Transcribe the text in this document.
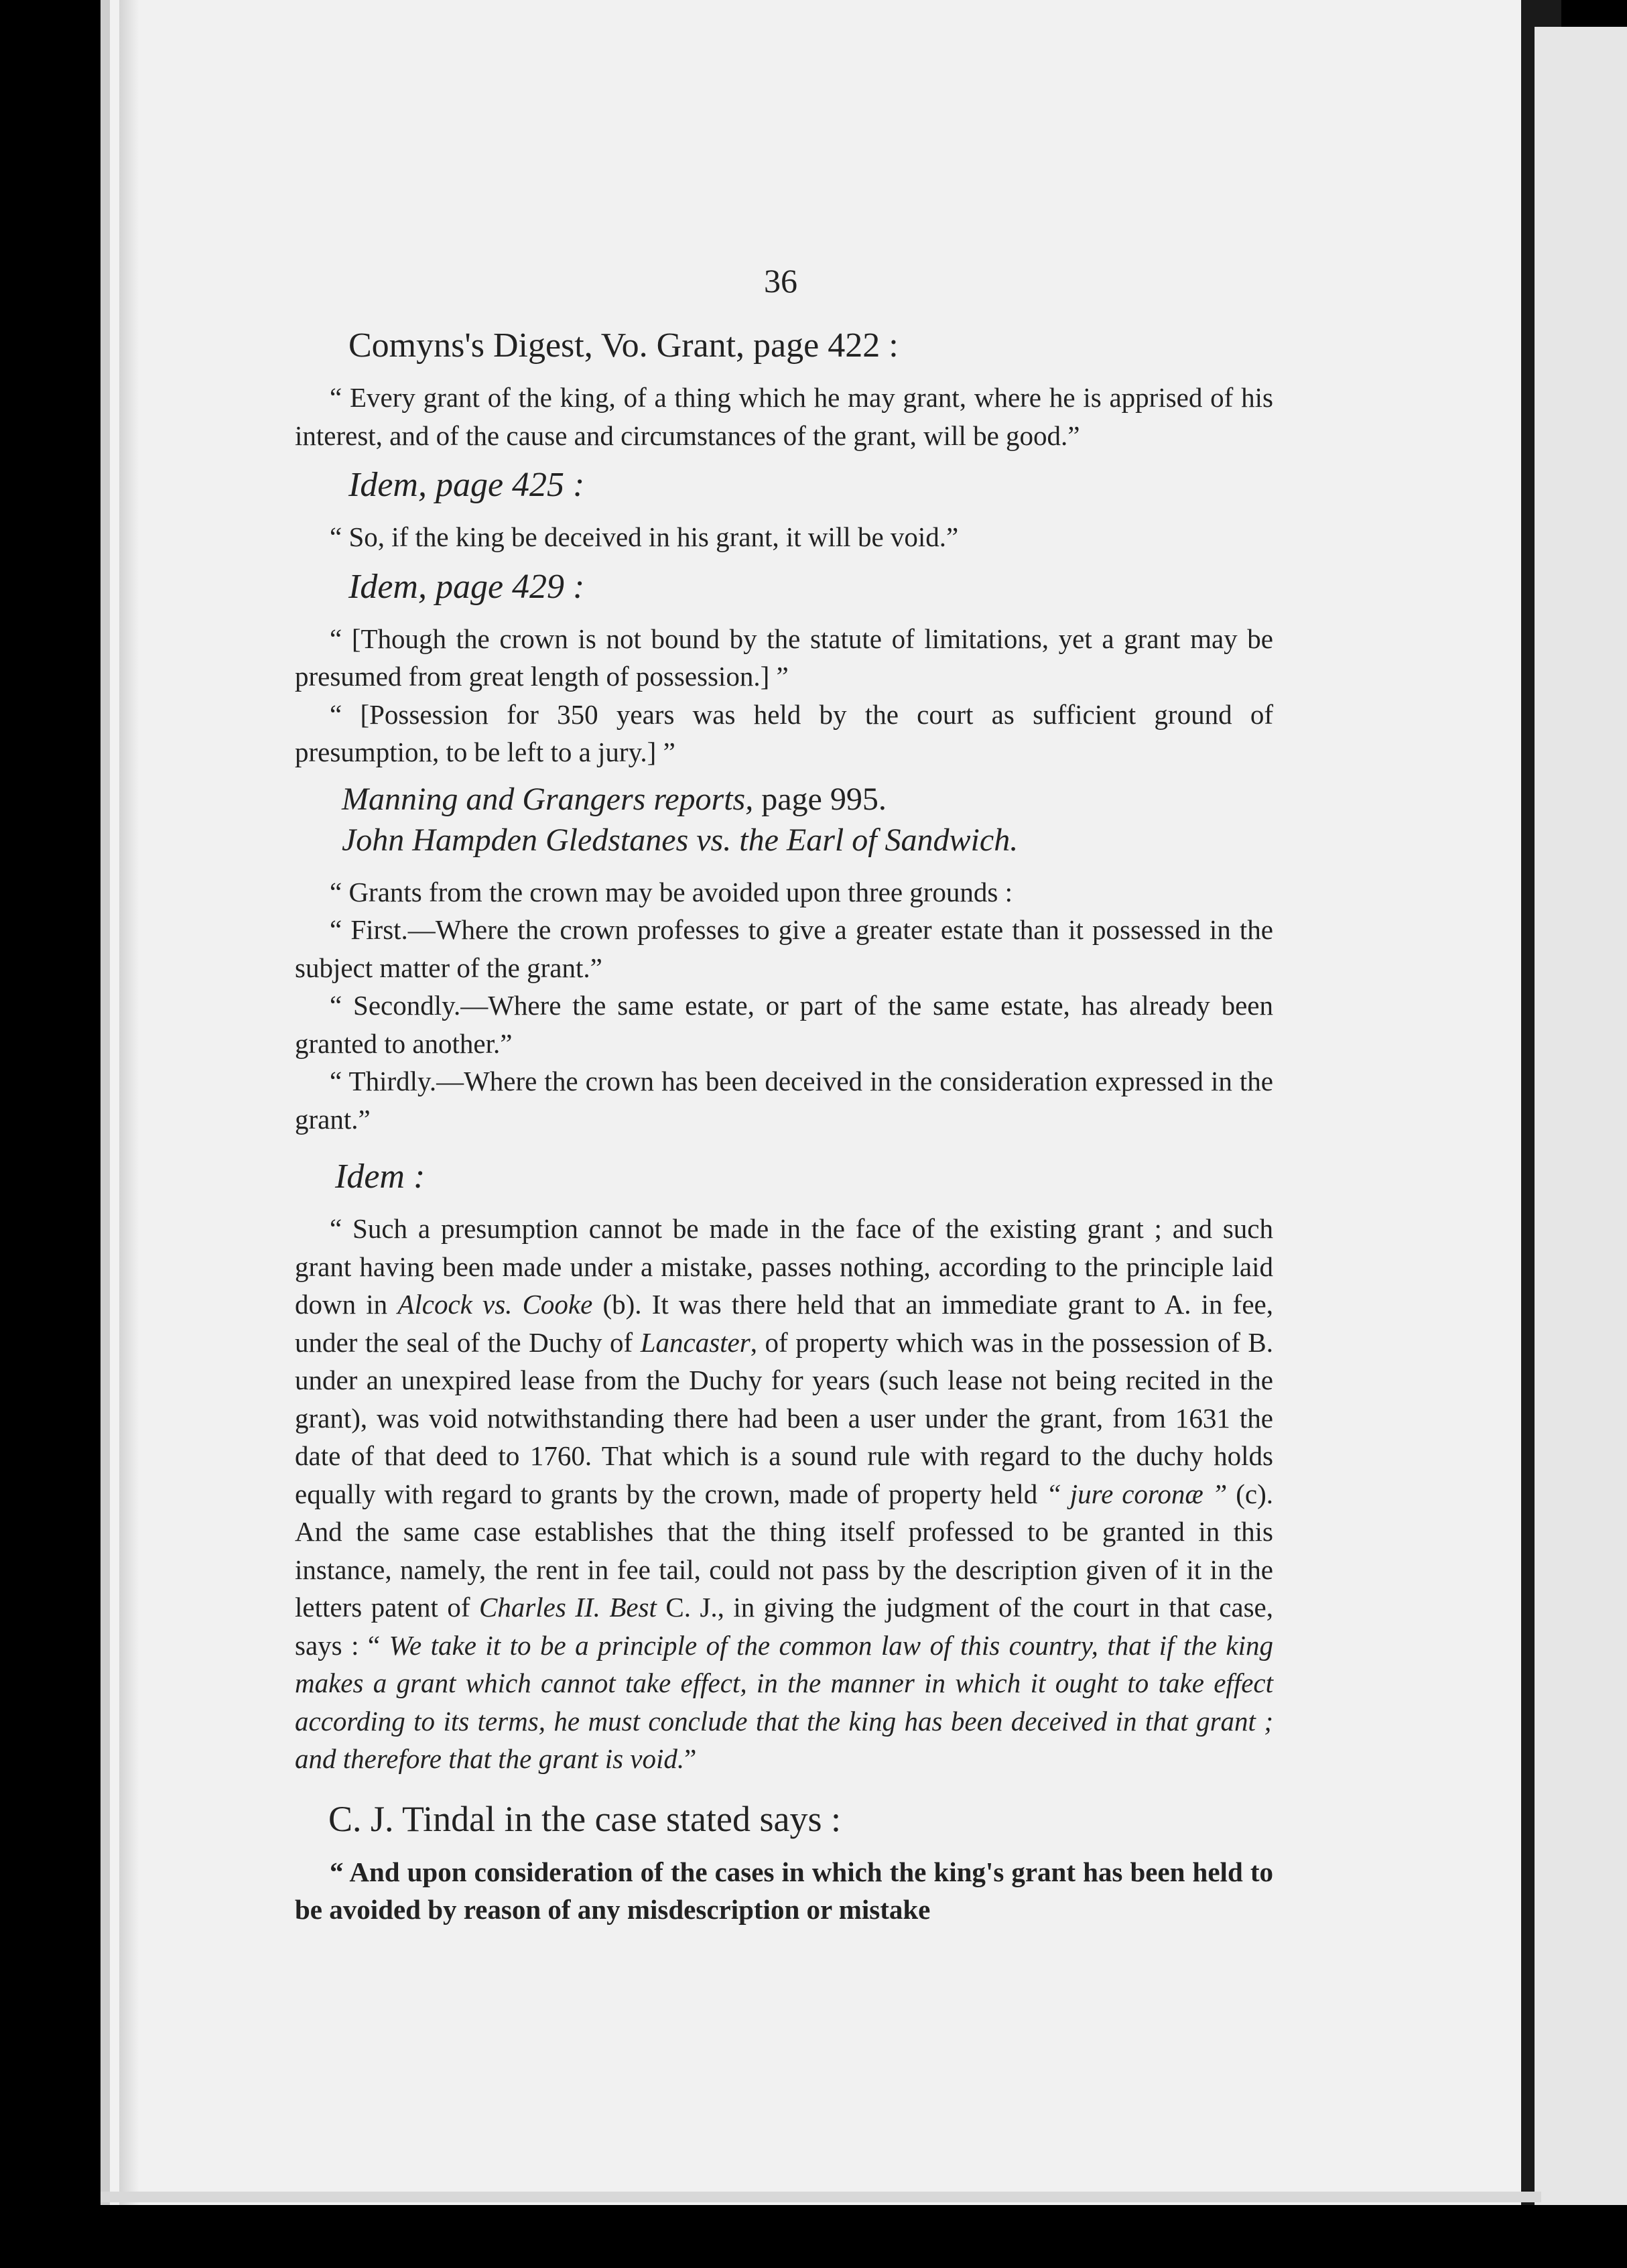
36
Comyns's Digest, Vo. Grant, page 422 :

“ Every grant of the king, of a thing which he may grant, where he is apprised of his interest, and of the cause and circumstances of the grant, will be good.”

Idem, page 425 :

“ So, if the king be deceived in his grant, it will be void.”

Idem, page 429 :

“ [Though the crown is not bound by the statute of limitations, yet a grant may be presumed from great length of possession.] ”

“ [Possession for 350 years was held by the court as sufficient ground of presumption, to be left to a jury.] ”

Manning and Grangers reports, page 995.
John Hampden Gledstanes vs. the Earl of Sandwich.

“ Grants from the crown may be avoided upon three grounds :

“ First.—Where the crown professes to give a greater estate than it possessed in the subject matter of the grant.”

“ Secondly.—Where the same estate, or part of the same estate, has already been granted to another.”

“ Thirdly.—Where the crown has been deceived in the consideration expressed in the grant.”

Idem :

“ Such a presumption cannot be made in the face of the existing grant ; and such grant having been made under a mistake, passes nothing, according to the principle laid down in Alcock vs. Cooke (b). It was there held that an immediate grant to A. in fee, under the seal of the Duchy of Lancaster, of property which was in the possession of B. under an unexpired lease from the Duchy for years (such lease not being recited in the grant), was void notwithstanding there had been a user under the grant, from 1631 the date of that deed to 1760. That which is a sound rule with regard to the duchy holds equally with regard to grants by the crown, made of property held “ jure coronæ ” (c). And the same case establishes that the thing itself professed to be granted in this instance, namely, the rent in fee tail, could not pass by the description given of it in the letters patent of Charles II. Best C. J., in giving the judgment of the court in that case, says : “ We take it to be a principle of the common law of this country, that if the king makes a grant which cannot take effect, in the manner in which it ought to take effect according to its terms, he must conclude that the king has been deceived in that grant ; and therefore that the grant is void.”

C. J. Tindal in the case stated says :

“ And upon consideration of the cases in which the king's grant has been held to be avoided by reason of any misdescription or mistake
